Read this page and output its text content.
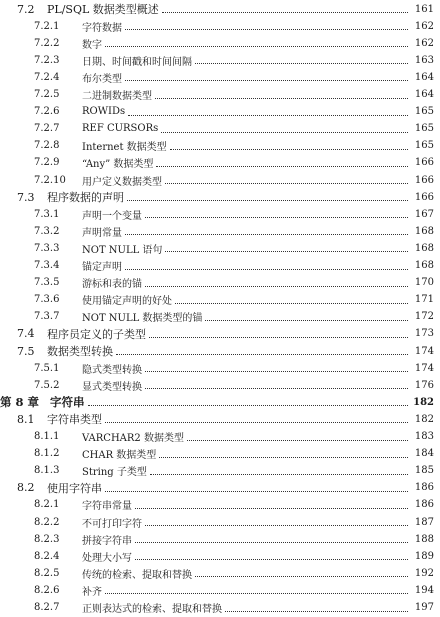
7.2	PL/SQL 数据类型概述	161
7.2.1	字符数据	162
7.2.2	数字	162
7.2.3	日期、时间戳和时间间隔	163
7.2.4	布尔类型	164
7.2.5	二进制数据类型	164
7.2.6	ROWIDs	165
7.2.7	REF CURSORs	165
7.2.8	Internet 数据类型	165
7.2.9	“Any” 数据类型	166
7.2.10	用户定义数据类型	166
7.3	程序数据的声明	166
7.3.1	声明一个变量	167
7.3.2	声明常量	168
7.3.3	NOT NULL 语句	168
7.3.4	锚定声明	168
7.3.5	游标和表的锚	170
7.3.6	使用锚定声明的好处	171
7.3.7	NOT NULL 数据类型的锚	172
7.4	程序员定义的子类型	173
7.5	数据类型转换	174
7.5.1	隐式类型转换	174
7.5.2	显式类型转换	176
第 8 章 字符串	182
8.1	字符串类型	182
8.1.1	VARCHAR2 数据类型	183
8.1.2	CHAR 数据类型	184
8.1.3	String 子类型	185
8.2	使用字符串	186
8.2.1	字符串常量	186
8.2.2	不可打印字符	187
8.2.3	拼接字符串	188
8.2.4	处理大小写	189
8.2.5	传统的检索、提取和替换	192
8.2.6	补齐	194
8.2.7	正则表达式的检索、提取和替换	197
